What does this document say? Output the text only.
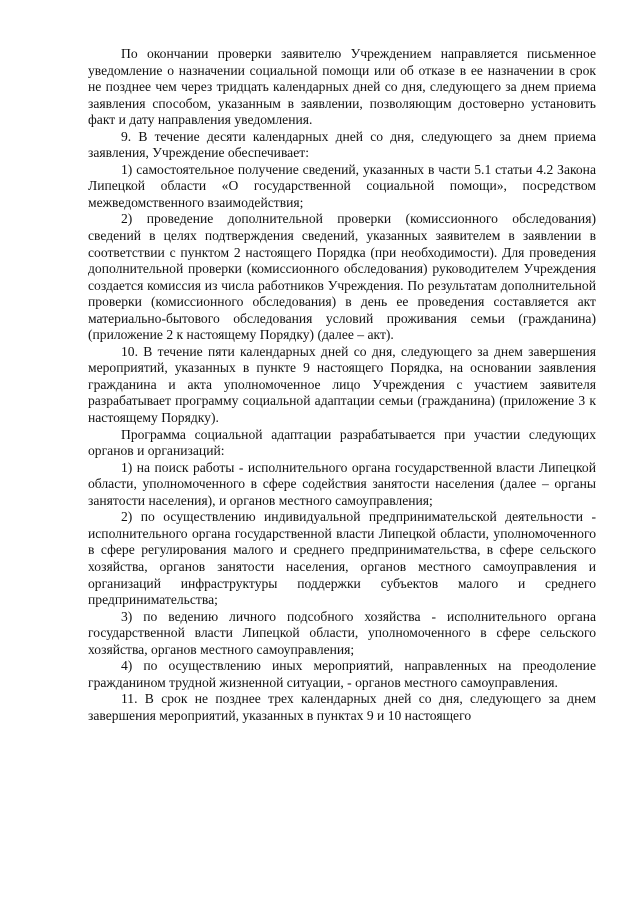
По окончании проверки заявителю Учреждением направляется письменное уведомление о назначении социальной помощи или об отказе в ее назначении в срок не позднее чем через тридцать календарных дней со дня, следующего за днем приема заявления способом, указанным в заявлении, позволяющим достоверно установить факт и дату направления уведомления.

9. В течение десяти календарных дней со дня, следующего за днем приема заявления, Учреждение обеспечивает:

1) самостоятельное получение сведений, указанных в части 5.1 статьи 4.2 Закона Липецкой области «О государственной социальной помощи», посредством межведомственного взаимодействия;

2) проведение дополнительной проверки (комиссионного обследования) сведений в целях подтверждения сведений, указанных заявителем в заявлении в соответствии с пунктом 2 настоящего Порядка (при необходимости). Для проведения дополнительной проверки (комиссионного обследования) руководителем Учреждения создается комиссия из числа работников Учреждения. По результатам дополнительной проверки (комиссионного обследования) в день ее проведения составляется акт материально-бытового обследования условий проживания семьи (гражданина) (приложение 2 к настоящему Порядку) (далее – акт).

10. В течение пяти календарных дней со дня, следующего за днем завершения мероприятий, указанных в пункте 9 настоящего Порядка, на основании заявления гражданина и акта уполномоченное лицо Учреждения с участием заявителя разрабатывает программу социальной адаптации семьи (гражданина) (приложение 3 к настоящему Порядку).

Программа социальной адаптации разрабатывается при участии следующих органов и организаций:

1) на поиск работы - исполнительного органа государственной власти Липецкой области, уполномоченного в сфере содействия занятости населения (далее – органы занятости населения), и органов местного самоуправления;

2) по осуществлению индивидуальной предпринимательской деятельности - исполнительного органа государственной власти Липецкой области, уполномоченного в сфере регулирования малого и среднего предпринимательства, в сфере сельского хозяйства, органов занятости населения, органов местного самоуправления и организаций инфраструктуры поддержки субъектов малого и среднего предпринимательства;

3) по ведению личного подсобного хозяйства - исполнительного органа государственной власти Липецкой области, уполномоченного в сфере сельского хозяйства, органов местного самоуправления;

4) по осуществлению иных мероприятий, направленных на преодоление гражданином трудной жизненной ситуации, - органов местного самоуправления.

11. В срок не позднее трех календарных дней со дня, следующего за днем завершения мероприятий, указанных в пунктах 9 и 10 настоящего
